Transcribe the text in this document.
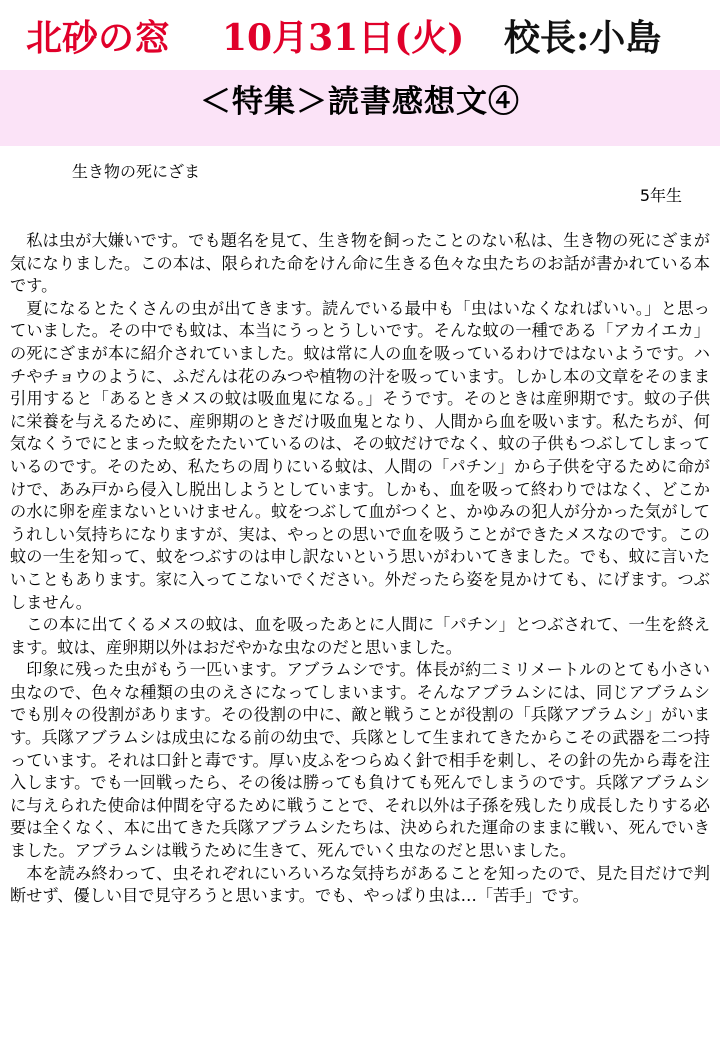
北砂の窓 10月31日(火) 校長:小島
＜特集＞読書感想文④
生き物の死にざま
5年生

私は虫が大嫌いです。でも題名を見て、生き物を飼ったことのない私は、生き物の死にざまが気になりました。この本は、限られた命をけん命に生きる色々な虫たちのお話が書かれている本です。

夏になるとたくさんの虫が出てきます。読んでいる最中も「虫はいなくなればいい。」と思っていました。その中でも蚊は、本当にうっとうしいです。そんな蚊の一種である「アカイエカ」の死にざまが本に紹介されていました。蚊は常に人の血を吸っているわけではないようです。ハチやチョウのように、ふだんは花のみつや植物の汁を吸っています。しかし本の文章をそのまま引用すると「あるときメスの蚊は吸血鬼になる。」そうです。そのときは産卵期です。蚊の子供に栄養を与えるために、産卵期のときだけ吸血鬼となり、人間から血を吸います。私たちが、何気なくうでにとまった蚊をたたいているのは、その蚊だけでなく、蚊の子供もつぶしてしまっているのです。そのため、私たちの周りにいる蚊は、人間の「パチン」から子供を守るために命がけで、あみ戸から侵入し脱出しようとしています。しかも、血を吸って終わりではなく、どこかの水に卵を産まないといけません。蚊をつぶして血がつくと、かゆみの犯人が分かった気がしてうれしい気持ちになりますが、実は、やっとの思いで血を吸うことができたメスなのです。この蚊の一生を知って、蚊をつぶすのは申し訳ないという思いがわいてきました。でも、蚊に言いたいこともあります。家に入ってこないでください。外だったら姿を見かけても、にげます。つぶしません。

この本に出てくるメスの蚊は、血を吸ったあとに人間に「パチン」とつぶされて、一生を終えます。蚊は、産卵期以外はおだやかな虫なのだと思いました。

印象に残った虫がもう一匹います。アブラムシです。体長が約二ミリメートルのとても小さい虫なので、色々な種類の虫のえさになってしまいます。そんなアブラムシには、同じアブラムシでも別々の役割があります。その役割の中に、敵と戦うことが役割の「兵隊アブラムシ」がいます。兵隊アブラムシは成虫になる前の幼虫で、兵隊として生まれてきたからこその武器を二つ持っています。それは口針と毒です。厚い皮ふをつらぬく針で相手を刺し、その針の先から毒を注入します。でも一回戦ったら、その後は勝っても負けても死んでしまうのです。兵隊アブラムシに与えられた使命は仲間を守るために戦うことで、それ以外は子孫を残したり成長したりする必要は全くなく、本に出てきた兵隊アブラムシたちは、決められた運命のままに戦い、死んでいきました。アブラムシは戦うために生きて、死んでいく虫なのだと思いました。

本を読み終わって、虫それぞれにいろいろな気持ちがあることを知ったので、見た目だけで判断せず、優しい目で見守ろうと思います。でも、やっぱり虫は…「苦手」です。
